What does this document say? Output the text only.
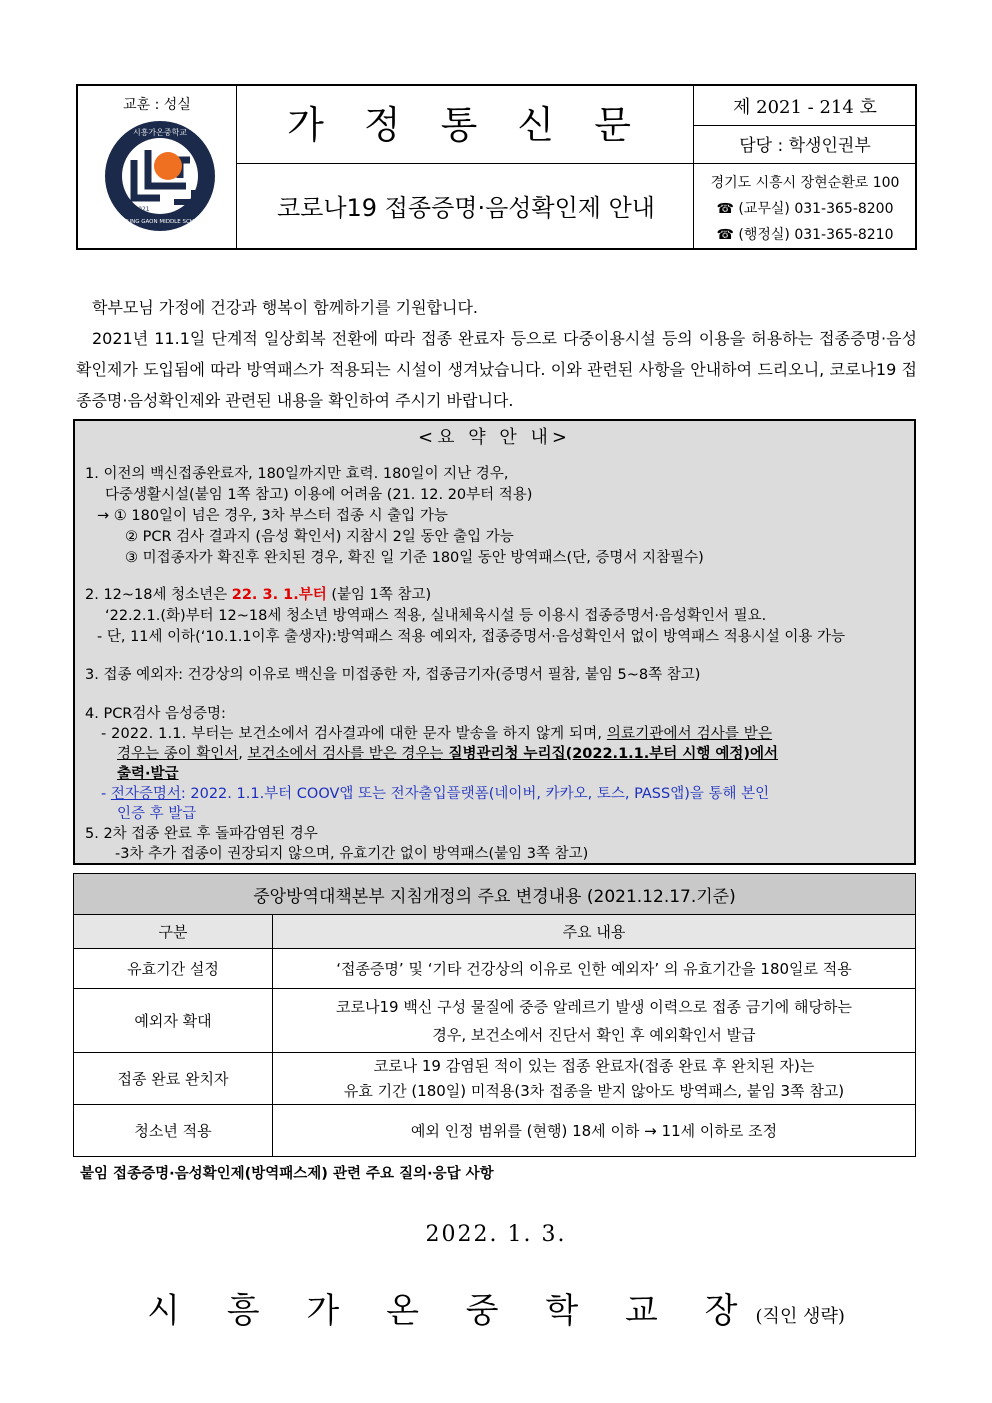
교훈 : 성실
시흥가온중학교
SIHEUNG GAON MIDDLE SCHOOL
2021
가 정 통 신 문
코로나19 접종증명·음성확인제 안내
제 2021 - 214 호
담당 : 학생인권부
경기도 시흥시 장현순환로 100
☎ (교무실) 031-365-8200
☎ (행정실) 031-365-8210

학부모님 가정에 건강과 행복이 함께하기를 기원합니다.

2021년 11.1일 단계적 일상회복 전환에 따라 접종 완료자 등으로 다중이용시설 등의 이용을 허용하는 접종증명·음성확인제가 도입됨에 따라 방역패스가 적용되는 시설이 생겨났습니다. 이와 관련된 사항을 안내하여 드리오니, 코로나19 접종증명·음성확인제와 관련된 내용을 확인하여 주시기 바랍니다.

<요 약 안 내>
1. 이전의 백신접종완료자, 180일까지만 효력. 180일이 지난 경우,
다중생활시설(붙임 1쪽 참고) 이용에 어려움 (21. 12. 20부터 적용)
→ ① 180일이 넘은 경우, 3차 부스터 접종 시 출입 가능
② PCR 검사 결과지 (음성 확인서) 지참시 2일 동안 출입 가능
③ 미접종자가 확진후 완치된 경우, 확진 일 기준 180일 동안 방역패스(단, 증명서 지참필수)
2. 12~18세 청소년은 22. 3. 1.부터 (붙임 1쪽 참고)
‘22.2.1.(화)부터 12~18세 청소년 방역패스 적용, 실내체육시설 등 이용시 접종증명서·음성확인서 필요.
- 단, 11세 이하(‘10.1.1이후 출생자):방역패스 적용 예외자, 접종증명서·음성확인서 없이 방역패스 적용시설 이용 가능
3. 접종 예외자: 건강상의 이유로 백신을 미접종한 자, 접종금기자(증명서 필참, 붙임 5~8쪽 참고)
4. PCR검사 음성증명:
- 2022. 1.1. 부터는 보건소에서 검사결과에 대한 문자 발송을 하지 않게 되며, 의료기관에서 검사를 받은
경우는 종이 확인서, 보건소에서 검사를 받은 경우는 질병관리청 누리집(2022.1.1.부터 시행 예정)에서
출력·발급
- 전자증명서: 2022. 1.1.부터 COOV앱 또는 전자출입플랫폼(네이버, 카카오, 토스, PASS앱)을 통해 본인
인증 후 발급
5. 2차 접종 완료 후 돌파감염된 경우
-3차 추가 접종이 권장되지 않으며, 유효기간 없이 방역패스(붙임 3쪽 참고)
중앙방역대책본부 지침개정의 주요 변경내용 (2021.12.17.기준)	
구분	주요 내용
유효기간 설정	‘접종증명’ 및 ‘기타 건강상의 이유로 인한 예외자’ 의 유효기간을 180일로 적용
예외자 확대	코로나19 백신 구성 물질에 중증 알레르기 발생 이력으로 접종 금기에 해당하는
경우, 보건소에서 진단서 확인 후 예외확인서 발급

접종 완료 완치자	코로나 19 감염된 적이 있는 접종 완료자(접종 완료 후 완치된 자)는
유효 기간 (180일) 미적용(3차 접종을 받지 않아도 방역패스, 붙임 3쪽 참고)

청소년 적용	예외 인정 범위를 (현행) 18세 이하 → 11세 이하로 조정
붙임 접종증명·음성확인제(방역패스제) 관련 주요 질의·응답 사항
2022. 1. 3.
시 흥 가 온 중 학 교 장(직인 생략)
